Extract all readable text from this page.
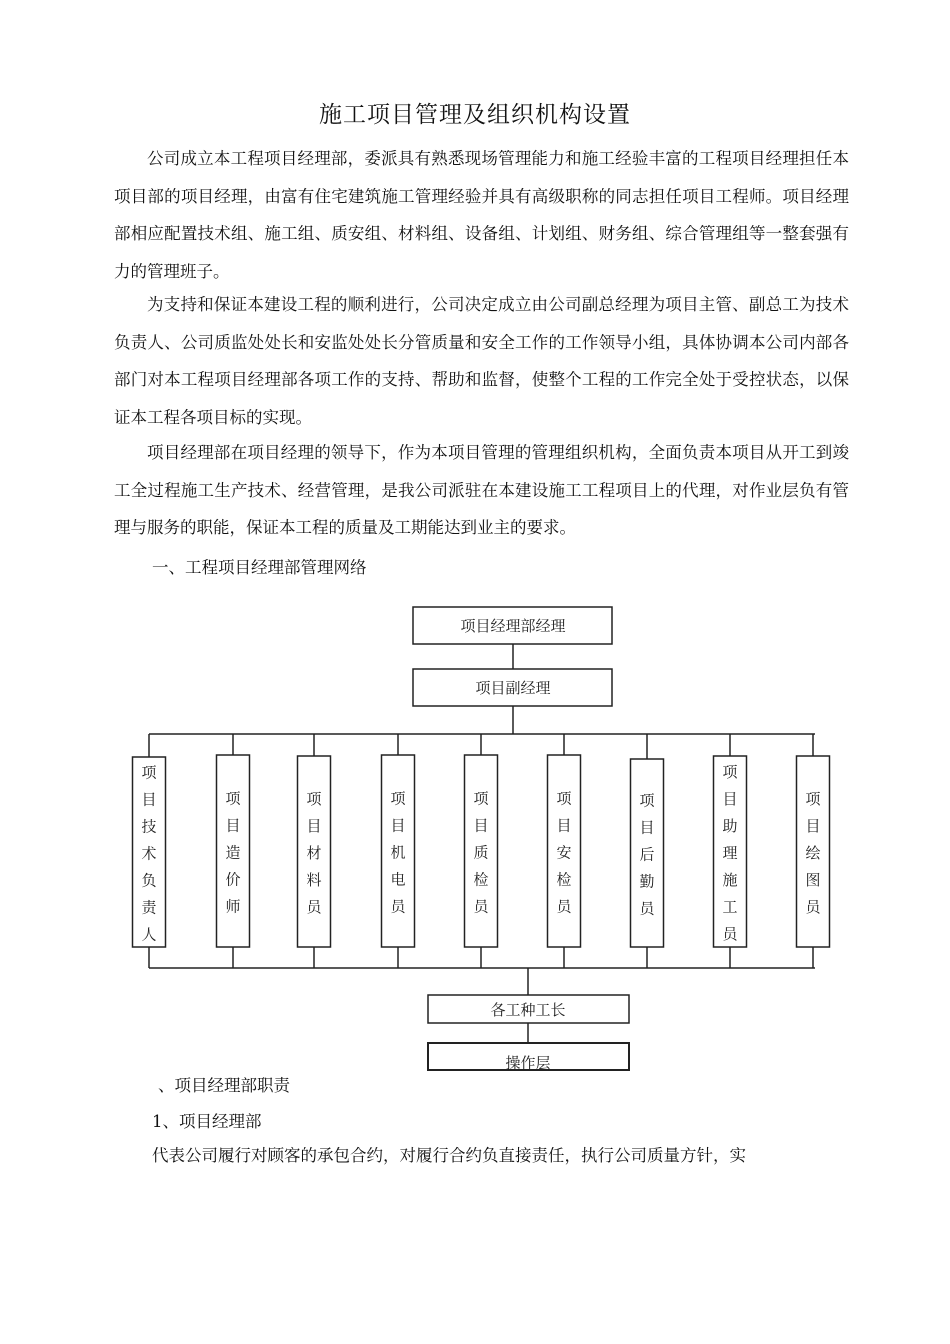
施工项目管理及组织机构设置

公司成立本工程项目经理部，委派具有熟悉现场管理能力和施工经验丰富的工程项目经理担任本项目部的项目经理，由富有住宅建筑施工管理经验并具有高级职称的同志担任项目工程师。项目经理部相应配置技术组、施工组、质安组、材料组、设备组、计划组、财务组、综合管理组等一整套强有力的管理班子。

为支持和保证本建设工程的顺利进行，公司决定成立由公司副总经理为项目主管、副总工为技术负责人、公司质监处处长和安监处处长分管质量和安全工作的工作领导小组，具体协调本公司内部各部门对本工程项目经理部各项工作的支持、帮助和监督，使整个工程的工作完全处于受控状态，以保证本工程各项目标的实现。

项目经理部在项目经理的领导下，作为本项目管理的管理组织机构，全面负责本项目从开工到竣工全过程施工生产技术、经营管理，是我公司派驻在本建设施工工程项目上的代理，对作业层负有管理与服务的职能，保证本工程的质量及工期能达到业主的要求。

一、工程项目经理部管理网络
项目技术负责人
项目造价师
项目材料员
项目机电员
项目质检员
项目安检员
项目后勤员
项目助理施工员
项目绘图员
项目经理部经理
项目副经理
各工种工长
操作层
、项目经理部职责
1、项目经理部
代表公司履行对顾客的承包合约，对履行合约负直接责任，执行公司质量方针，实
